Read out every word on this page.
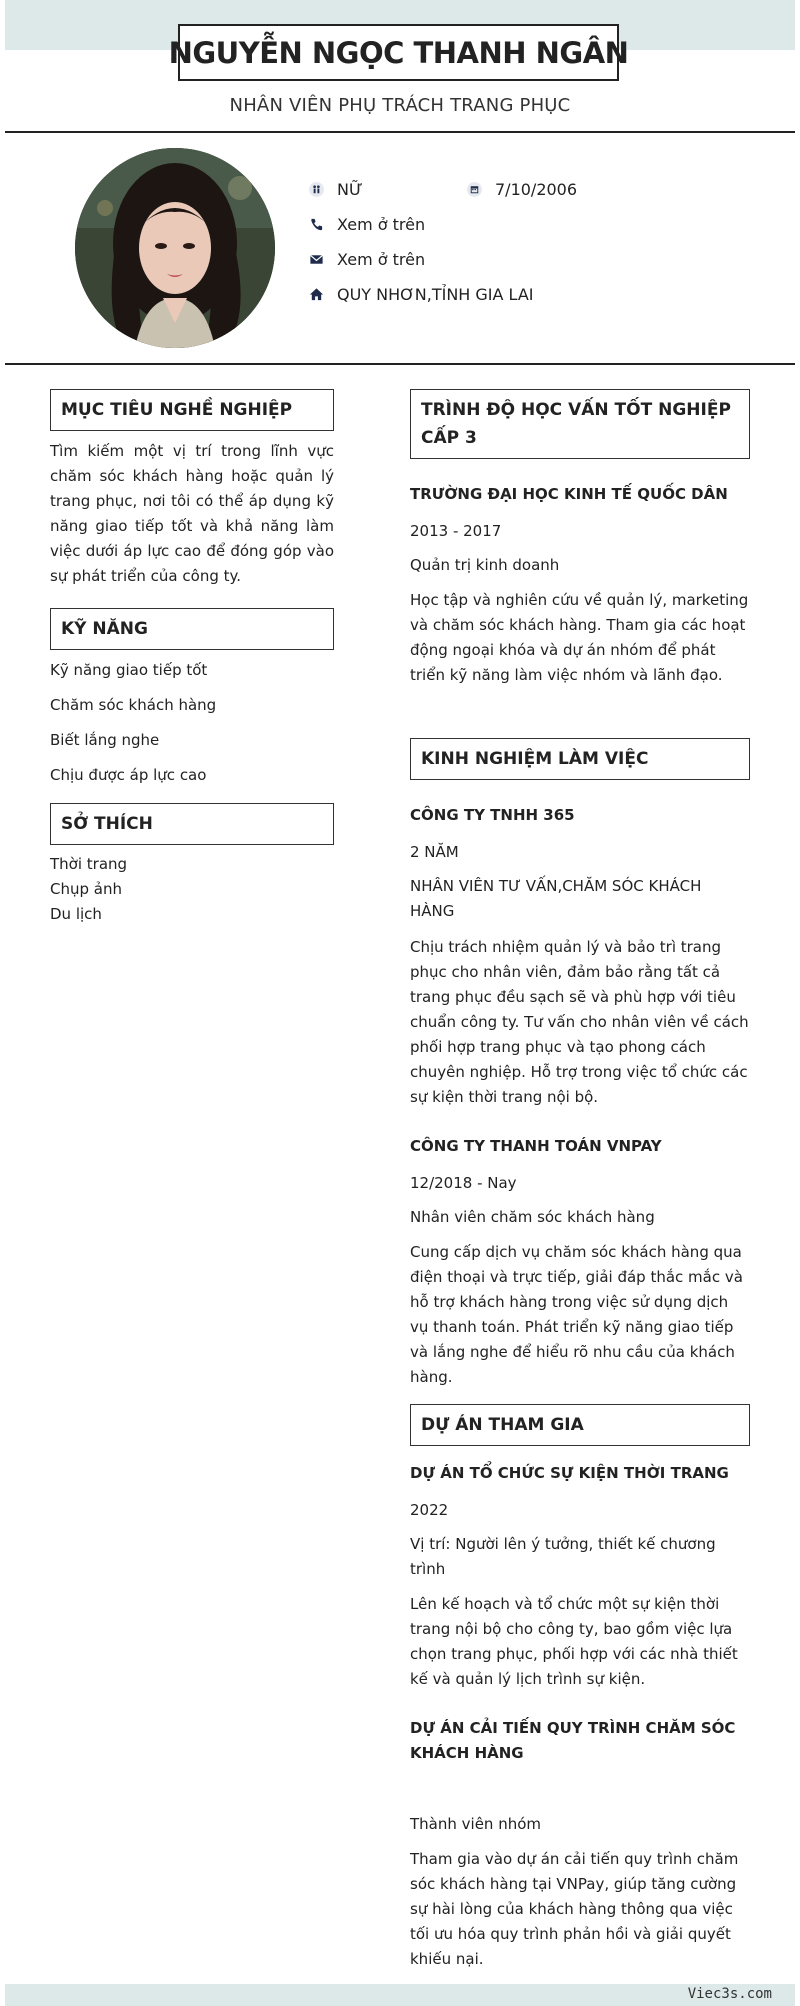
NGUYỄN NGỌC THANH NGÂN
NHÂN VIÊN PHỤ TRÁCH TRANG PHỤC
NỮ	7/10/2006
Xem ở trên
Xem ở trên
QUY NHƠN,TỈNH GIA LAI
MỤC TIÊU NGHỀ NGHIỆP
Tìm kiếm một vị trí trong lĩnh vực chăm sóc khách hàng hoặc quản lý trang phục, nơi tôi có thể áp dụng kỹ năng giao tiếp tốt và khả năng làm việc dưới áp lực cao để đóng góp vào sự phát triển của công ty.
KỸ NĂNG
Kỹ năng giao tiếp tốt
Chăm sóc khách hàng
Biết lắng nghe
Chịu được áp lực cao
SỞ THÍCH
Thời trang
Chụp ảnh
Du lịch
TRÌNH ĐỘ HỌC VẤN TỐT NGHIỆP CẤP 3
TRƯỜNG ĐẠI HỌC KINH TẾ QUỐC DÂN
2013 - 2017
Quản trị kinh doanh
Học tập và nghiên cứu về quản lý, marketing và chăm sóc khách hàng. Tham gia các hoạt động ngoại khóa và dự án nhóm để phát triển kỹ năng làm việc nhóm và lãnh đạo.
KINH NGHIỆM LÀM VIỆC
CÔNG TY TNHH 365
2 NĂM
NHÂN VIÊN TƯ VẤN,CHĂM SÓC KHÁCH HÀNG
Chịu trách nhiệm quản lý và bảo trì trang phục cho nhân viên, đảm bảo rằng tất cả trang phục đều sạch sẽ và phù hợp với tiêu chuẩn công ty. Tư vấn cho nhân viên về cách phối hợp trang phục và tạo phong cách chuyên nghiệp. Hỗ trợ trong việc tổ chức các sự kiện thời trang nội bộ.
CÔNG TY THANH TOÁN VNPAY
12/2018 - Nay
Nhân viên chăm sóc khách hàng
Cung cấp dịch vụ chăm sóc khách hàng qua điện thoại và trực tiếp, giải đáp thắc mắc và hỗ trợ khách hàng trong việc sử dụng dịch vụ thanh toán. Phát triển kỹ năng giao tiếp và lắng nghe để hiểu rõ nhu cầu của khách hàng.
DỰ ÁN THAM GIA
DỰ ÁN TỔ CHỨC SỰ KIỆN THỜI TRANG
2022
Vị trí: Người lên ý tưởng, thiết kế chương trình
Lên kế hoạch và tổ chức một sự kiện thời trang nội bộ cho công ty, bao gồm việc lựa chọn trang phục, phối hợp với các nhà thiết kế và quản lý lịch trình sự kiện.
DỰ ÁN CẢI TIẾN QUY TRÌNH CHĂM SÓC KHÁCH HÀNG
Thành viên nhóm
Tham gia vào dự án cải tiến quy trình chăm sóc khách hàng tại VNPay, giúp tăng cường sự hài lòng của khách hàng thông qua việc tối ưu hóa quy trình phản hồi và giải quyết khiếu nại.
Viec3s.com
